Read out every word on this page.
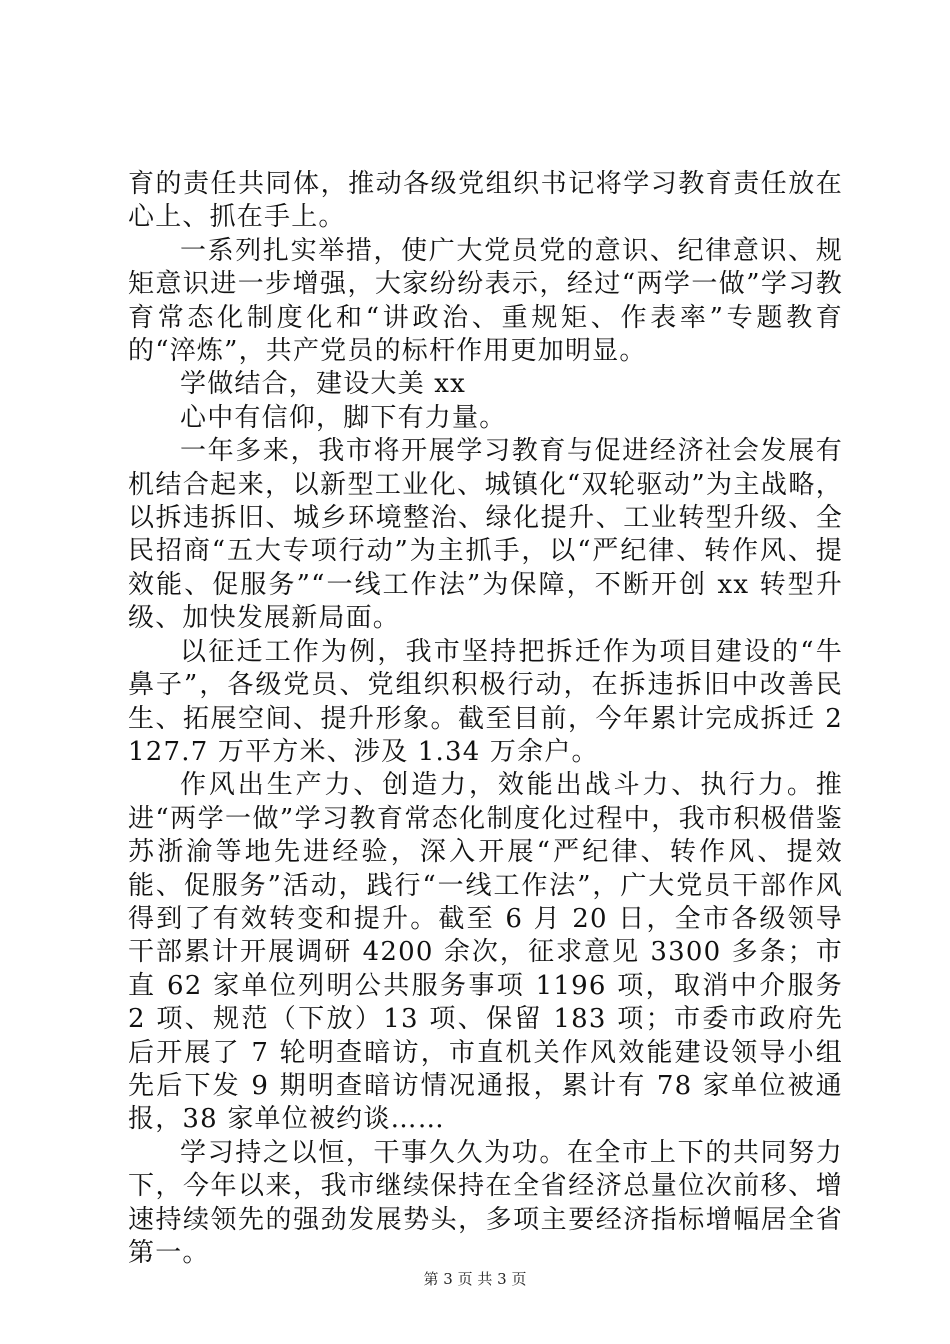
育的责任共同体，推动各级党组织书记将学习教育责任放在心上、抓在手上。

一系列扎实举措，使广大党员党的意识、纪律意识、规矩意识进一步增强，大家纷纷表示，经过“两学一做”学习教育常态化制度化和“讲政治、重规矩、作表率”专题教育的“淬炼”，共产党员的标杆作用更加明显。

学做结合，建设大美 xx

心中有信仰，脚下有力量。

一年多来，我市将开展学习教育与促进经济社会发展有机结合起来，以新型工业化、城镇化“双轮驱动”为主战略，以拆违拆旧、城乡环境整治、绿化提升、工业转型升级、全民招商“五大专项行动”为主抓手，以“严纪律、转作风、提效能、促服务”“一线工作法”为保障，不断开创 xx 转型升级、加快发展新局面。

以征迁工作为例，我市坚持把拆迁作为项目建设的“牛鼻子”，各级党员、党组织积极行动，在拆违拆旧中改善民生、拓展空间、提升形象。截至目前，今年累计完成拆迁 2127.7 万平方米、涉及 1.34 万余户。

作风出生产力、创造力，效能出战斗力、执行力。推进“两学一做”学习教育常态化制度化过程中，我市积极借鉴苏浙渝等地先进经验，深入开展“严纪律、转作风、提效能、促服务”活动，践行“一线工作法”，广大党员干部作风得到了有效转变和提升。截至 6 月 20 日，全市各级领导干部累计开展调研 4200 余次，征求意见 3300 多条；市直 62 家单位列明公共服务事项 1196 项，取消中介服务 2 项、规范（下放）13 项、保留 183 项；市委市政府先后开展了 7 轮明查暗访，市直机关作风效能建设领导小组先后下发 9 期明查暗访情况通报，累计有 78 家单位被通报，38 家单位被约谈……

学习持之以恒，干事久久为功。在全市上下的共同努力下，今年以来，我市继续保持在全省经济总量位次前移、增速持续领先的强劲发展势头，多项主要经济指标增幅居全省第一。

第 3 页 共 3 页
